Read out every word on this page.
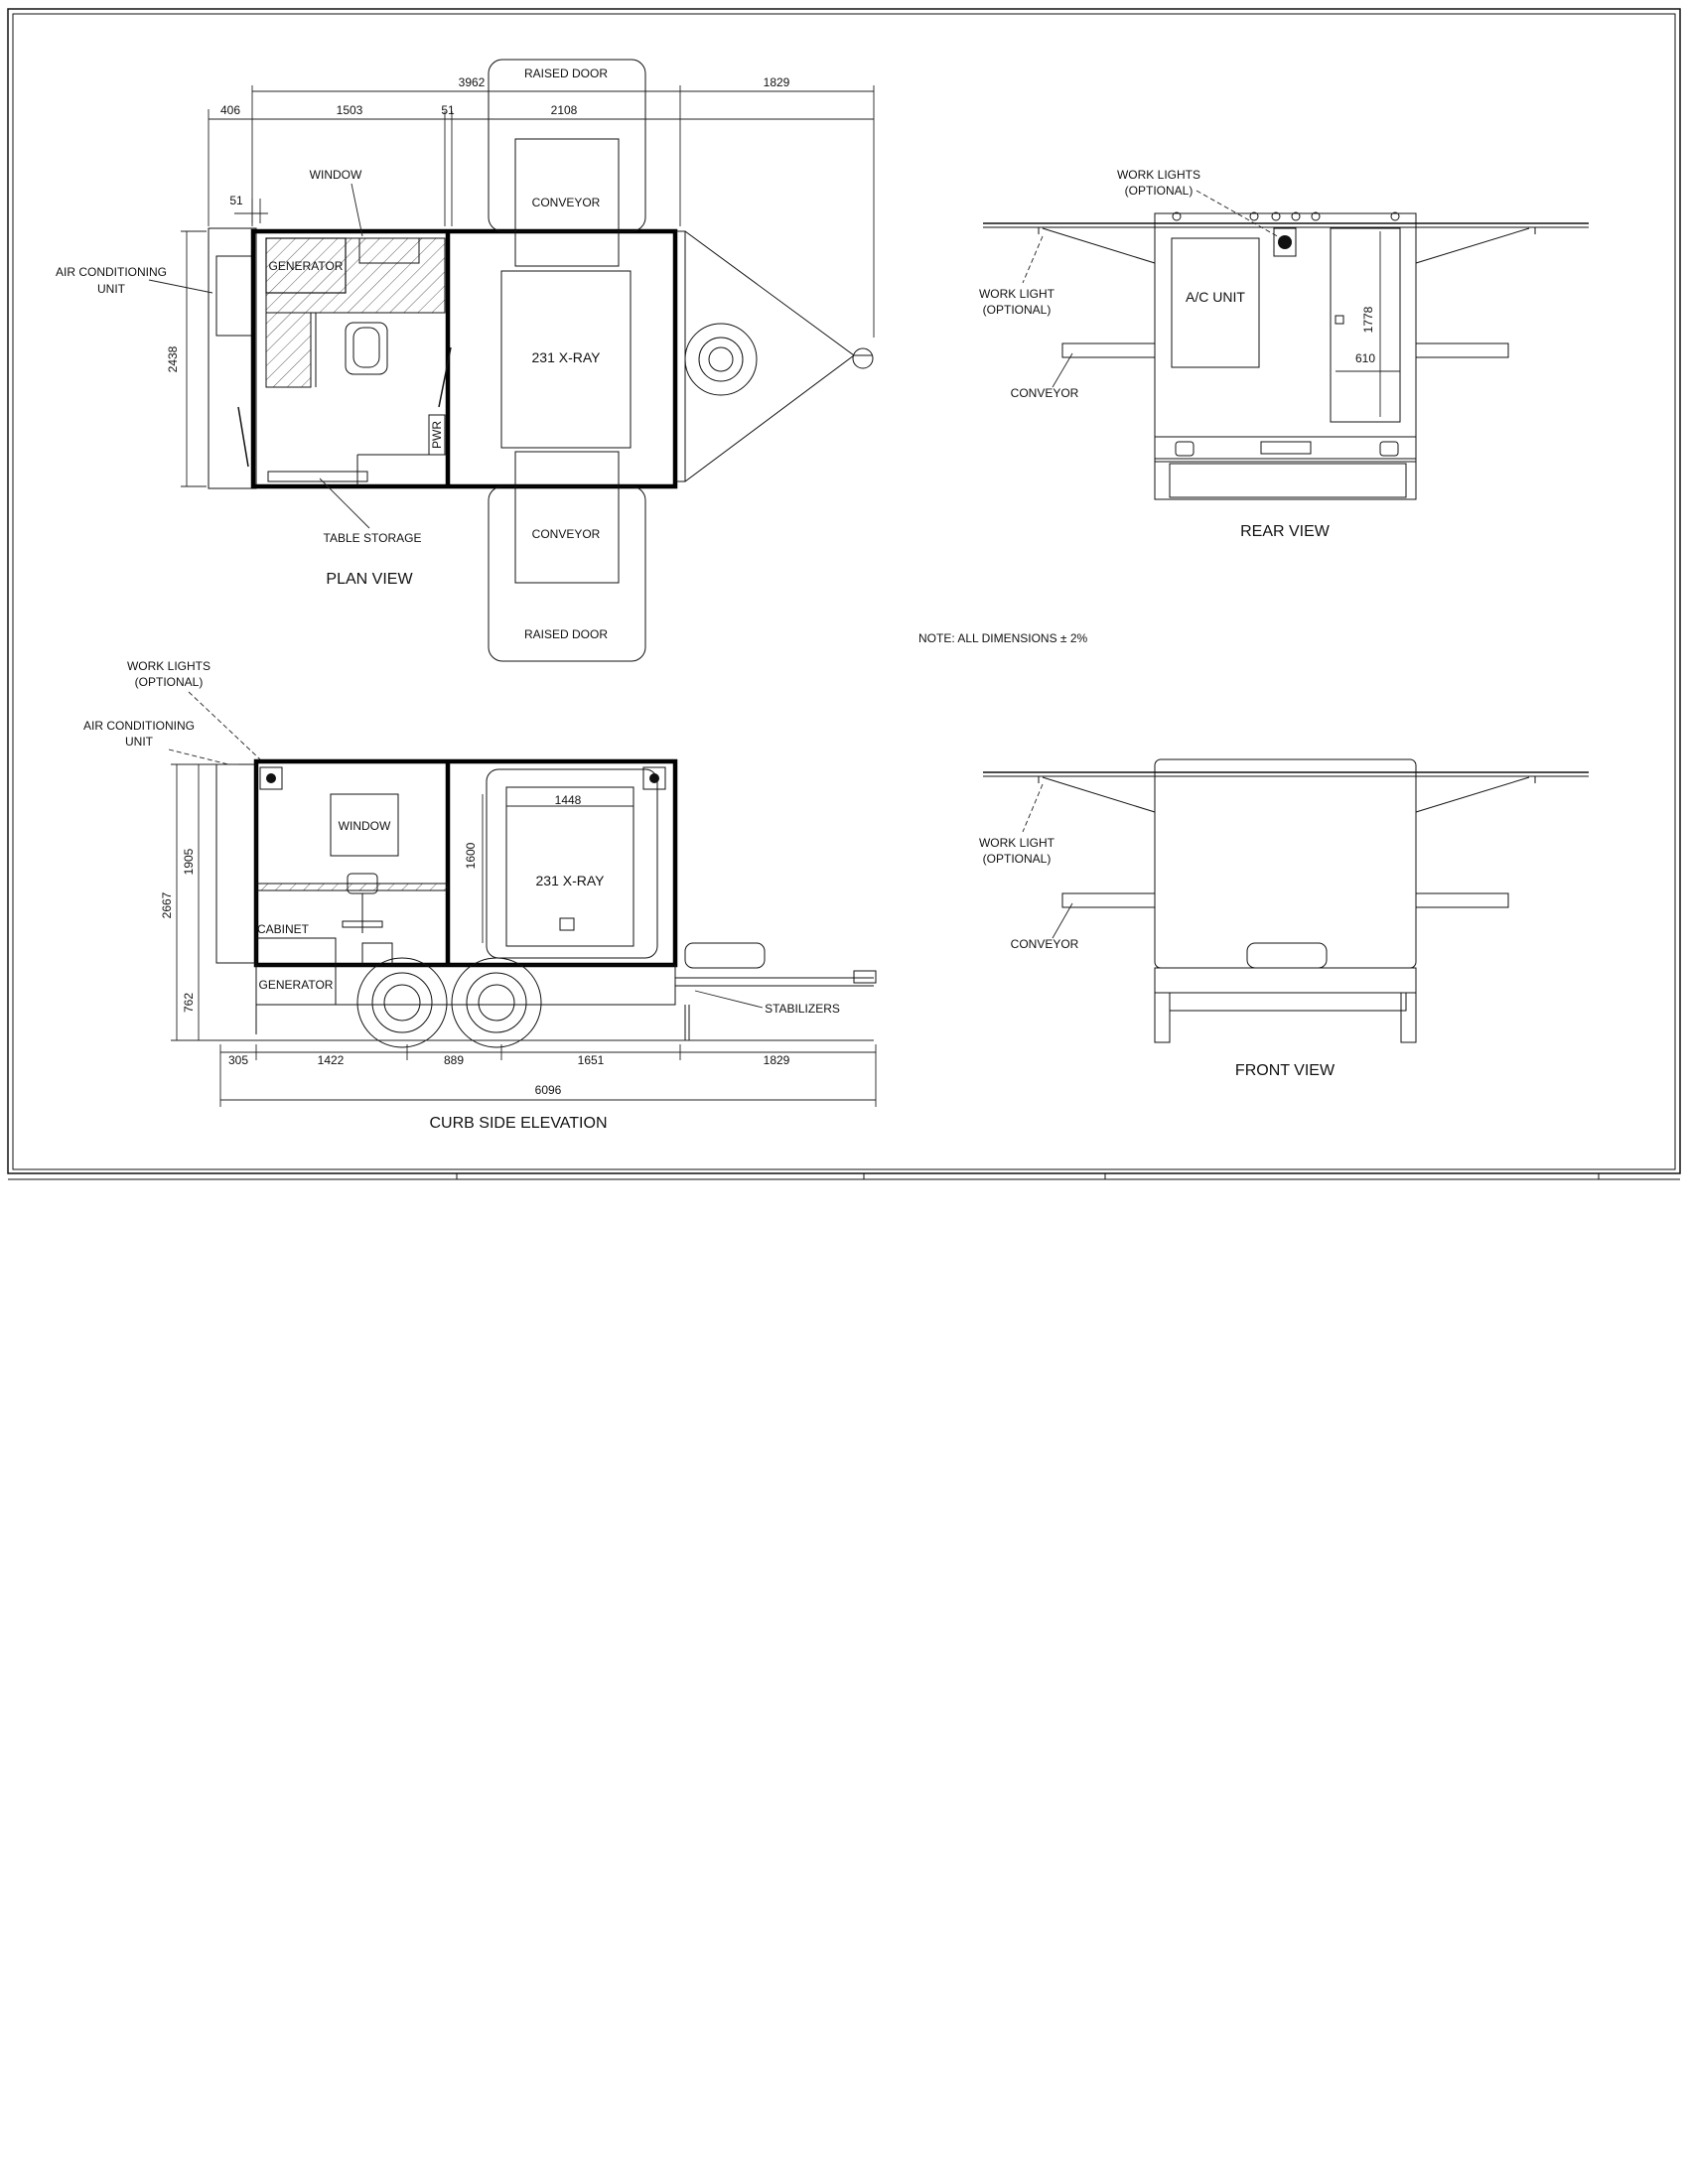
3962	1829
406	1503	51	2108
51
2438
RAISED DOOR
CONVEYOR
CONVEYOR
RAISED DOOR
231 X-RAY
GENERATOR
WINDOW
PWR
TABLE STORAGE
PLAN VIEW
AIR CONDITIONING
UNIT	A/C UNIT
1778
610
WORK LIGHTS
(OPTIONAL)
WORK LIGHT
(OPTIONAL)
CONVEYOR
REAR VIEW
NOTE: ALL DIMENSIONS ± 2%
WINDOW
231 X-RAY
1448
1600
1905
2667
762
305	1422	889	1651	1829
6096
CABINET
GENERATOR
STABILIZERS
WORK LIGHTS
(OPTIONAL)
AIR CONDITIONING
UNIT
CURB SIDE ELEVATION
WORK LIGHT
(OPTIONAL)
CONVEYOR
FRONT VIEW
